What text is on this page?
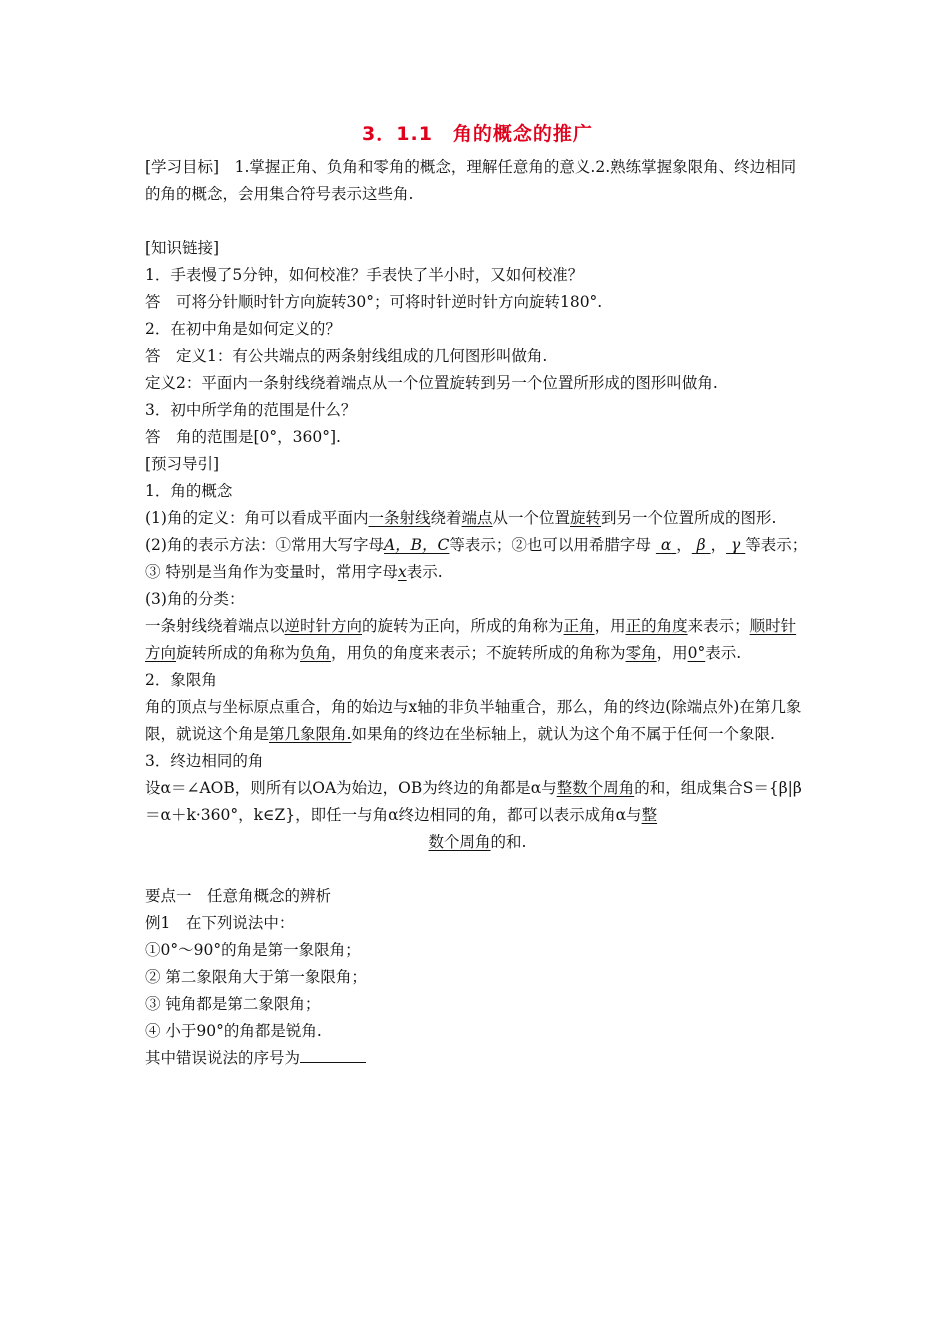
3．1.1　角的概念的推广

[学习目标]　1.掌握正角、负角和零角的概念，理解任意角的意义.2.熟练掌握象限角、终边相同的角的概念，会用集合符号表示这些角.

[知识链接]

1．手表慢了5分钟，如何校准？手表快了半小时，又如何校准？

答　可将分针顺时针方向旋转30°；可将时针逆时针方向旋转180°.

2．在初中角是如何定义的？

答　定义1：有公共端点的两条射线组成的几何图形叫做角.

定义2：平面内一条射线绕着端点从一个位置旋转到另一个位置所形成的图形叫做角.

3．初中所学角的范围是什么？

答　角的范围是[0°，360°].

[预习导引]

1．角的概念

(1)角的定义：角可以看成平面内一条射线绕着端点从一个位置旋转到另一个位置所成的图形.

(2)角的表示方法：①常用大写字母A，B，C等表示；②也可以用希腊字母 α ， β ， γ 等表示；

③ 特别是当角作为变量时，常用字母x表示.

(3)角的分类：

一条射线绕着端点以逆时针方向的旋转为正向，所成的角称为正角，用正的角度来表示；顺时针方向旋转所成的角称为负角，用负的角度来表示；不旋转所成的角称为零角，用0°表示.

2．象限角

角的顶点与坐标原点重合，角的始边与x轴的非负半轴重合，那么，角的终边(除端点外)在第几象限，就说这个角是第几象限角.如果角的终边在坐标轴上，就认为这个角不属于任何一个象限.

3．终边相同的角

设α＝∠AOB，则所有以OA为始边，OB为终边的角都是α与整数个周角的和，组成集合S＝{β|β＝α＋k·360°，k∈Z}，即任一与角α终边相同的角，都可以表示成角α与整

数个周角的和.

要点一　任意角概念的辨析

例1　在下列说法中：

①0°～90°的角是第一象限角；

② 第二象限角大于第一象限角；

③ 钝角都是第二象限角；

④ 小于90°的角都是锐角.

其中错误说法的序号为
